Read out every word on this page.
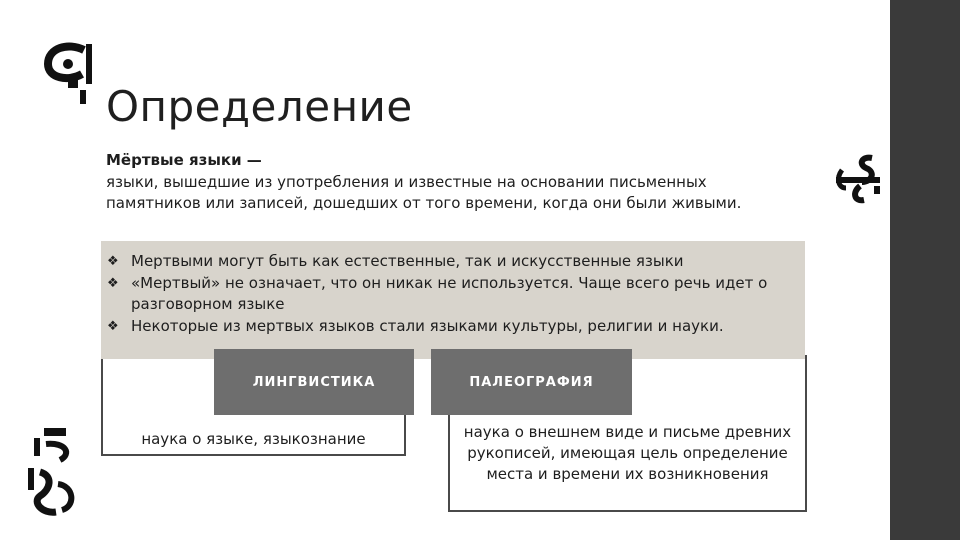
Определение
Мёртвые языки —
языки, вышедшие из употребления и известные на основании письменных памятников или записей, дошедших от того времени, когда они были живыми.
наука о языке, языкознание	наука о внешнем виде и письме древних рукописей, имеющая цель определение места и времени их возникновения
❖ Мертвыми могут быть как естественные, так и искусственные языки
❖ «Мертвый» не означает, что он никак не используется. Чаще всего речь идет о разговорном языке
❖ Некоторые из мертвых языков стали языками культуры, религии и науки.
ЛИНГВИСТИКА	ПАЛЕОГРАФИЯ
